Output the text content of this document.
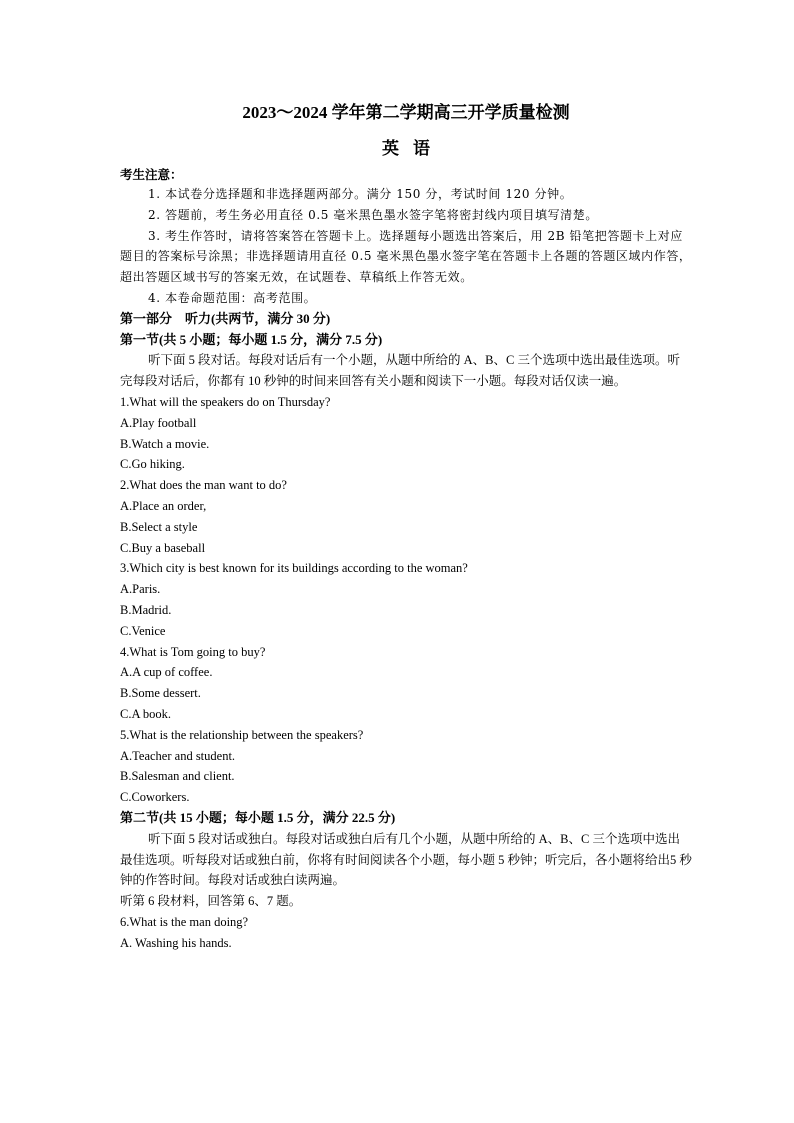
2023～2024 学年第二学期高三开学质量检测
英语
考生注意：

1. 本试卷分选择题和非选择题两部分。满分 150 分，考试时间 120 分钟。

2. 答题前，考生务必用直径 0.5 毫米黑色墨水签字笔将密封线内项目填写清楚。

3. 考生作答时，请将答案答在答题卡上。选择题每小题选出答案后，用 2B 铅笔把答题卡上对应题目的答案标号涂黑；非选择题请用直径 0.5 毫米黑色墨水签字笔在答题卡上各题的答题区域内作答，超出答题区域书写的答案无效，在试题卷、草稿纸上作答无效。

4. 本卷命题范围：高考范围。

第一部分　听力(共两节，满分 30 分)

第一节(共 5 小题；每小题 1.5 分，满分 7.5 分)

听下面 5 段对话。每段对话后有一个小题，从题中所给的 A、B、C 三个选项中选出最佳选项。听完每段对话后，你都有 10 秒钟的时间来回答有关小题和阅读下一小题。每段对话仅读一遍。

1.What will the speakers do on Thursday?

A.Play football

B.Watch a movie.

C.Go hiking.

2.What does the man want to do?

A.Place an order,

B.Select a style

C.Buy a baseball

3.Which city is best known for its buildings according to the woman?

A.Paris.

B.Madrid.

C.Venice

4.What is Tom going to buy?

A.A cup of coffee.

B.Some dessert.

C.A book.

5.What is the relationship between the speakers?

A.Teacher and student.

B.Salesman and client.

C.Coworkers.

第二节(共 15 小题；每小题 1.5 分，满分 22.5 分)

听下面 5 段对话或独白。每段对话或独白后有几个小题，从题中所给的 A、B、C 三个选项中选出最佳选项。听每段对话或独白前，你将有时间阅读各个小题，每小题 5 秒钟；听完后，各小题将给出5 秒钟的作答时间。每段对话或独白读两遍。

听第 6 段材料，回答第 6、7 题。

6.What is the man doing?

A. Washing his hands.
